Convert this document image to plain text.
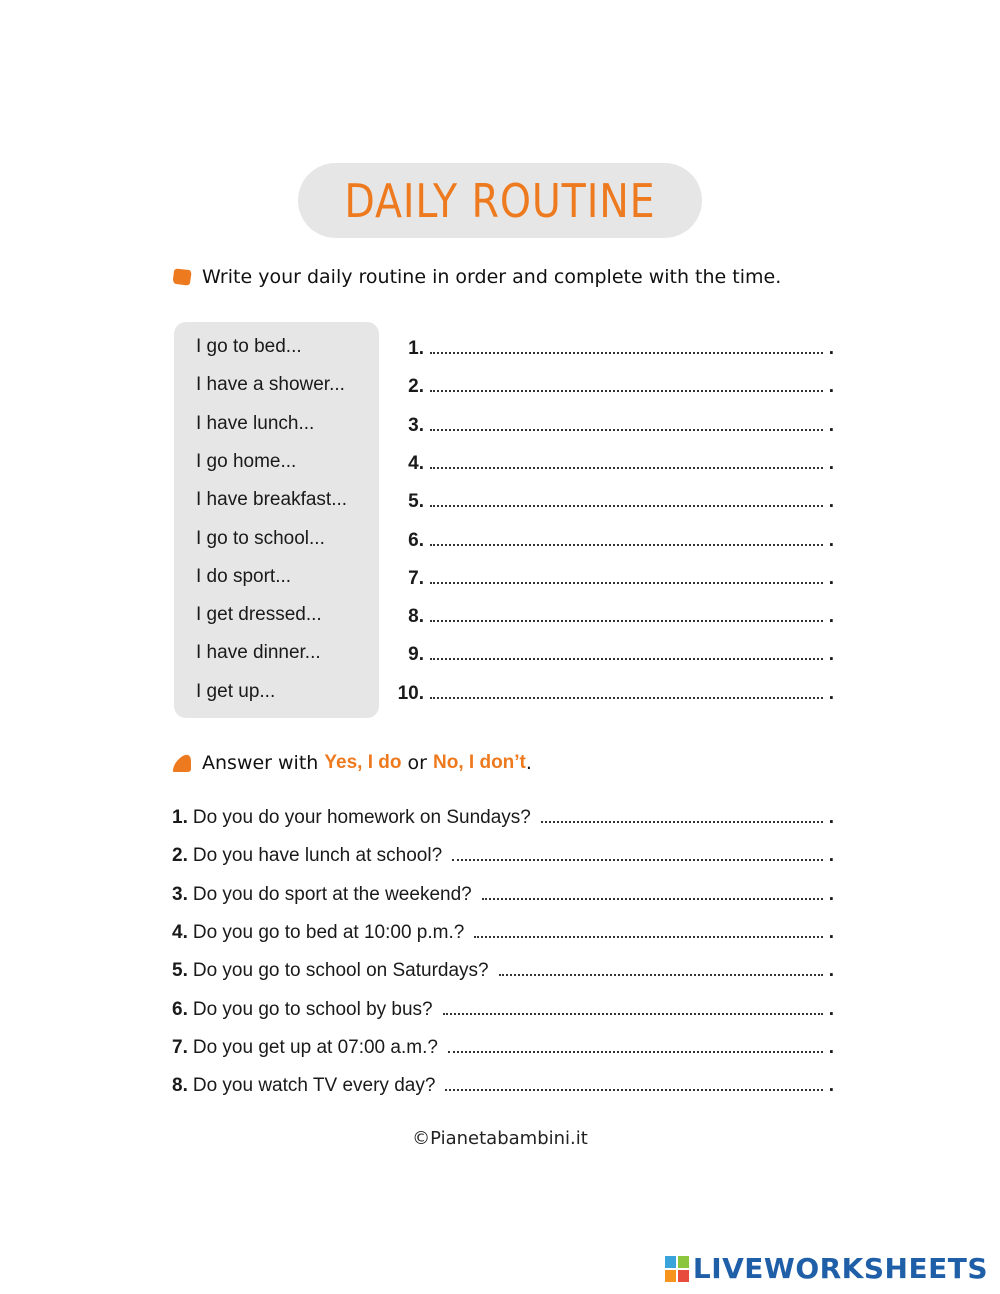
DAILY ROUTINE
Write your daily routine in order and complete with the time.
I go to bed...
I have a shower...
I have lunch...
I go home...
I have breakfast...
I go to school...
I do sport...
I get dressed...
I have dinner...
I get up...
1.	.
2.	.
3.	.
4.	.
5.	.
6.	.
7.	.
8.	.
9.	.
10.	.
Answer with
Yes, I do
or
No, I don’t .
1. Do you do your homework on Sundays?	.
2. Do you have lunch at school?	.
3. Do you do sport at the weekend?	.
4. Do you go to bed at 10:00 p.m.?	.
5. Do you go to school on Saturdays?	.
6. Do you go to school by bus?	.
7. Do you get up at 07:00 a.m.?	.
8. Do you watch TV every day?	.
©Pianetabambini.it
LIVEWORKSHEETS
